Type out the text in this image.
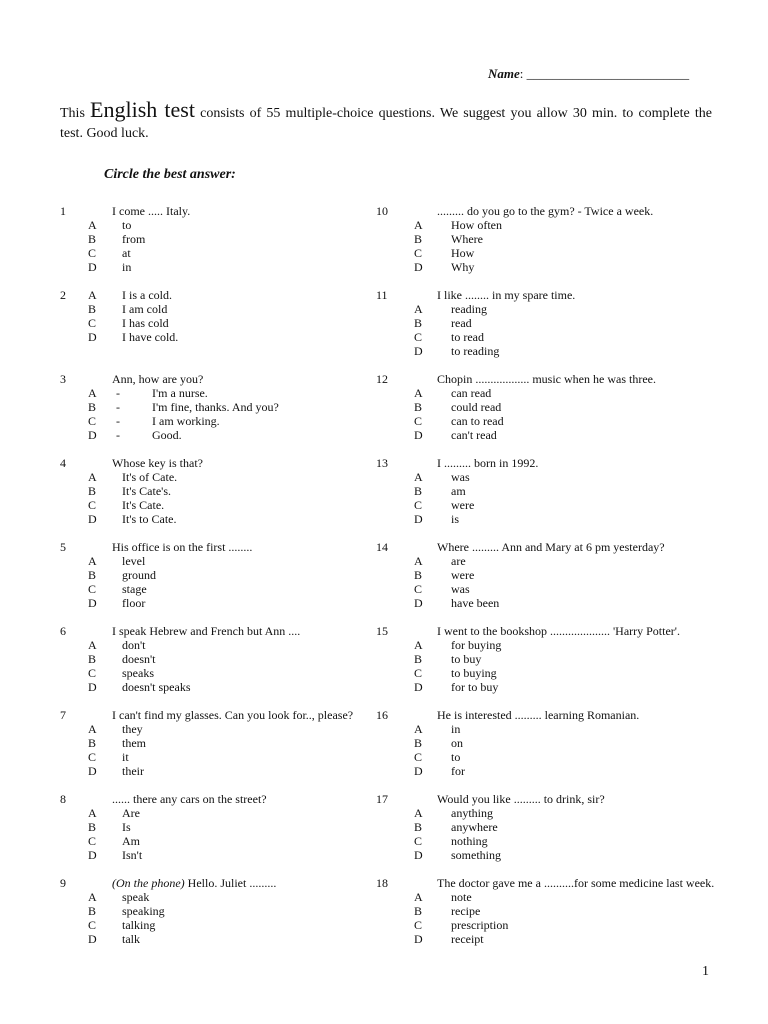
Name: _________________________
This English test consists of 55 multiple-choice questions. We suggest you allow 30 min. to complete the test. Good luck.
Circle the best answer:
1	I come ..... Italy.
A to
B from
C at
D in
2 A I is a cold.
B I am cold
C I has cold
D I have cold.
3	Ann, how are you?
A -	I'm a nurse.
B -	I'm fine, thanks. And you?
C -	I am working.
D -	Good.
4	Whose key is that?
A It's of Cate.
B It's Cate's.
C It's Cate.
D It's to Cate.
5	His office is on the first ........
A level
B ground
C stage
D floor
6	I speak Hebrew and French but Ann ....
A don't
B doesn't
C speaks
D doesn't speaks
7	I can't find my glasses. Can you look for.., please?
A they
B them
C it
D their
8	...... there any cars on the street?
A Are
B Is
C Am
D Isn't
9	(On the phone) Hello. Juliet .........
A speak
B speaking
C talking
D talk
10	......... do you go to the gym? - Twice a week.
A How often
B Where
C How
D Why
11	I like ........ in my spare time.
A reading
B read
C to read
D to reading
12	Chopin .................. music when he was three.
A can read
B could read
C can to read
D can't read
13	I ......... born in 1992.
A was
B am
C were
D is
14	Where ......... Ann and Mary at 6 pm yesterday?
A are
B were
C was
D have been
15	I went to the bookshop .................... 'Harry Potter'.
A for buying
B to buy
C to buying
D for to buy
16	He is interested ......... learning Romanian.
A in
B on
C to
D for
17	Would you like ......... to drink, sir?
A anything
B anywhere
C nothing
D something
18	The doctor gave me a ..........for some medicine last week.
A note
B recipe
C prescription
D receipt
1
